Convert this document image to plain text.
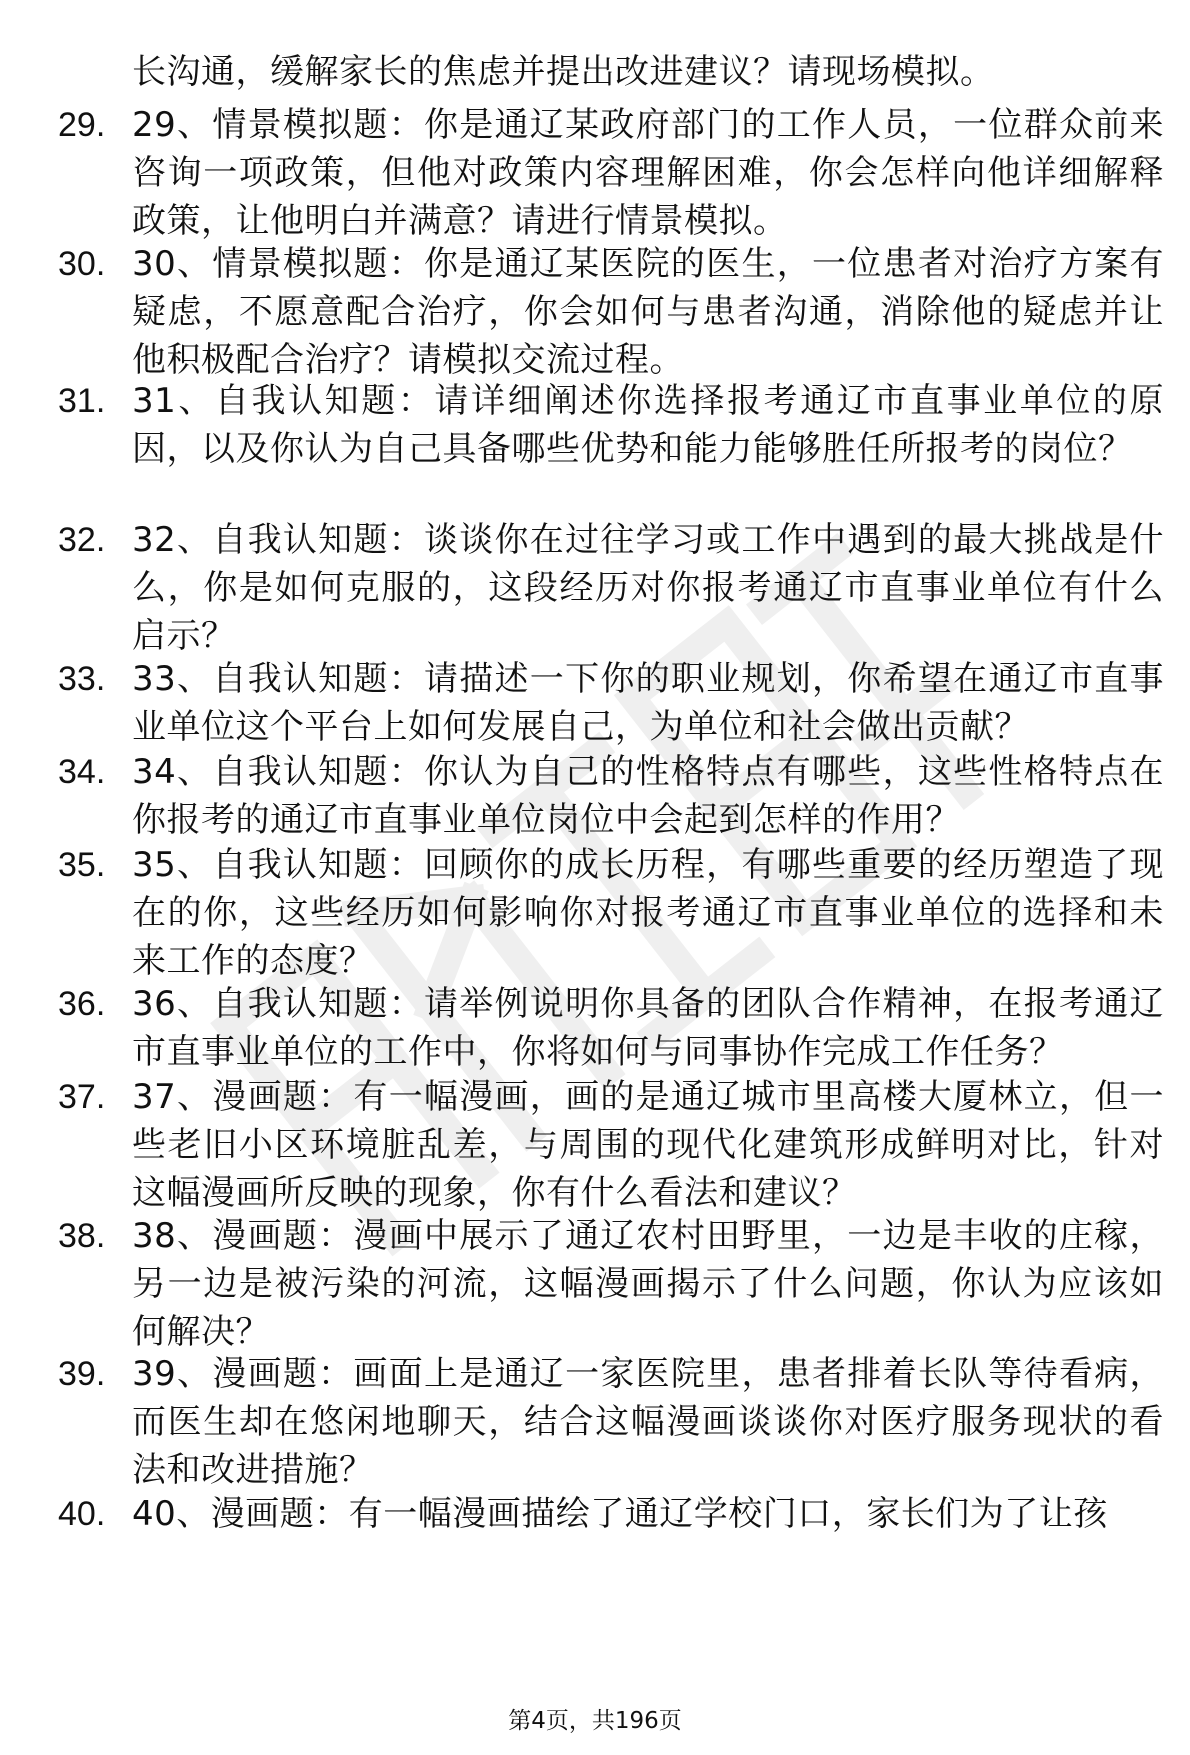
长沟通，缓解家长的焦虑并提出改进建议？请现场模拟。
29. 29、情景模拟题：你是通辽某政府部门的工作人员，一位群众前来咨询一项政策，但他对政策内容理解困难，你会怎样向他详细解释政策，让他明白并满意？请进行情景模拟。
30. 30、情景模拟题：你是通辽某医院的医生，一位患者对治疗方案有疑虑，不愿意配合治疗，你会如何与患者沟通，消除他的疑虑并让他积极配合治疗？请模拟交流过程。
31. 31、自我认知题：请详细阐述你选择报考通辽市直事业单位的原因，以及你认为自己具备哪些优势和能力能够胜任所报考的岗位？
32. 32、自我认知题：谈谈你在过往学习或工作中遇到的最大挑战是什么，你是如何克服的，这段经历对你报考通辽市直事业单位有什么启示？
33. 33、自我认知题：请描述一下你的职业规划，你希望在通辽市直事业单位这个平台上如何发展自己，为单位和社会做出贡献？
34. 34、自我认知题：你认为自己的性格特点有哪些，这些性格特点在你报考的通辽市直事业单位岗位中会起到怎样的作用？
35. 35、自我认知题：回顾你的成长历程，有哪些重要的经历塑造了现在的你，这些经历如何影响你对报考通辽市直事业单位的选择和未来工作的态度？
36. 36、自我认知题：请举例说明你具备的团队合作精神，在报考通辽市直事业单位的工作中，你将如何与同事协作完成工作任务？
37. 37、漫画题：有一幅漫画，画的是通辽城市里高楼大厦林立，但一些老旧小区环境脏乱差，与周围的现代化建筑形成鲜明对比，针对这幅漫画所反映的现象，你有什么看法和建议？
38. 38、漫画题：漫画中展示了通辽农村田野里，一边是丰收的庄稼，另一边是被污染的河流，这幅漫画揭示了什么问题，你认为应该如何解决？
39. 39、漫画题：画面上是通辽一家医院里，患者排着长队等待看病，而医生却在悠闲地聊天，结合这幅漫画谈谈你对医疗服务现状的看法和改进措施？
40. 40、漫画题：有一幅漫画描绘了通辽学校门口，家长们为了让孩
第4页，共196页
